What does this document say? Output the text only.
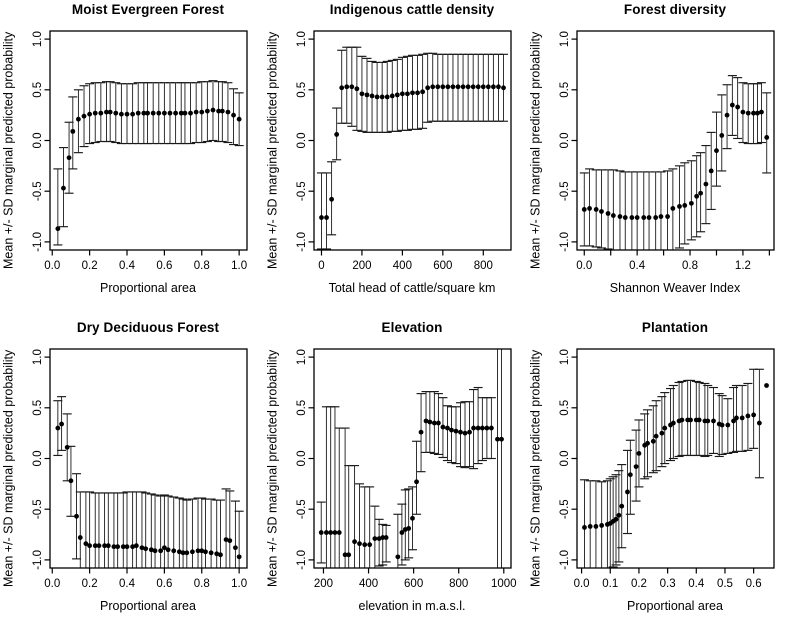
Moist Evergreen Forest
Mean +/- SD marginal predicted probability 0.0 0.2 0.4 0.6 0.8 1.0
1.0
0.5
0.0
-0.5
-1.0
Proportional area
Indigenous cattle density
Mean +/- SD marginal predicted probability	0 200 400 600 800
1.0
0.5
0.0
-0.5
-1.0
Total head of cattle/square km
Forest diversity
Mean +/- SD marginal predicted probability	0.0	0.4	0.8	1.2
1.0
0.5
0.0
-0.5
-1.0
Shannon Weaver Index
Dry Deciduous Forest
Mean +/- SD marginal predicted probability 0.0 0.2 0.4 0.6 0.8 1.0
1.0
0.5
0.0
-0.5
-1.0
Proportional area
Elevation
Mean +/- SD marginal predicted probability	200 400 600 800 1000
1.0
0.5
0.0
-0.5
-1.0
elevation in m.a.s.l.
Plantation
Mean +/- SD marginal predicted probability	0.0 0.1 0.2 0.3 0.4 0.5 0.6
1.0
0.5
0.0
-0.5
-1.0
Proportional area
